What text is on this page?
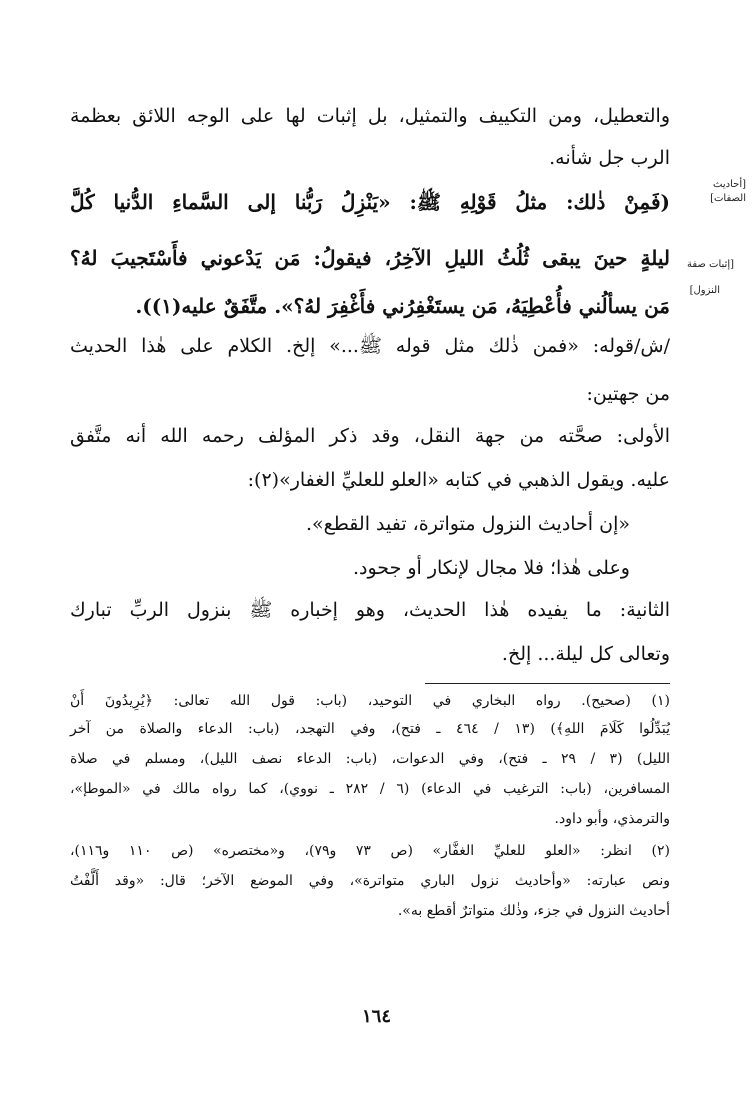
[أحاديث الصفات]
[إثبات صفة
النزول]
والتعطيل، ومن التكييف والتمثيل، بل إثبات لها على الوجه اللائق بعظمة
الرب جل شأنه.
(فَمِنْ ذٰلك: مثلُ قَوْلِهِ ﷺ: «يَنْزِلُ رَبُّنا إلى السَّماءِ الدُّنيا كُلَّ
ليلةٍ حينَ يبقى ثُلُثُ الليلِ الآخِرُ، فيقولُ: مَن يَدْعوني فأَسْتَجيبَ لهُ؟
مَن يسألُني فأُعْطِيَهُ، مَن يستَغْفِرُني فأَغْفِرَ لهُ؟». متَّفَقٌ عليه(١)).
/ش/قوله: «فمن ذٰلك مثل قوله ﷺ...» إلخ. الكلام على هٰذا الحديث
من جهتين:
الأولى: صحَّته من جهة النقل، وقد ذكر المؤلف رحمه الله أنه متَّفق
عليه. ويقول الذهبي في كتابه «العلو للعليِّ الغفار»(٢):
«إن أحاديث النزول متواترة، تفيد القطع».
وعلى هٰذا؛ فلا مجال لإنكار أو جحود.
الثانية: ما يفيده هٰذا الحديث، وهو إخباره ﷺ بنزول الربِّ تبارك
وتعالى كل ليلة... إلخ.
(١) (صحيح). رواه البخاري في التوحيد، (باب: قول الله تعالى: ﴿يُرِيدُونَ أَنْ
يُبَدِّلُوا كَلَامَ اللهِ﴾) (١٣ / ٤٦٤ ـ فتح)، وفي التهجد، (باب: الدعاء والصلاة من آخر
الليل) (٣ / ٢٩ ـ فتح)، وفي الدعوات، (باب: الدعاء نصف الليل)، ومسلم في صلاة
المسافرين، (باب: الترغيب في الدعاء) (٦ / ٢٨٢ ـ نووي)، كما رواه مالك في «الموطإ»،
والترمذي، وأبو داود.
(٢) انظر: «العلو للعليِّ الغفَّار» (ص ٧٣ و٧٩)، و«مختصره» (ص ١١٠ و١١٦)،
ونص عبارته: «وأحاديث نزول الباري متواترة»، وفي الموضع الآخر؛ قال: «وقد أَلَّفْتُ
أحاديث النزول في جزء، وذٰلك متواترٌ أقطع به».
١٦٤
